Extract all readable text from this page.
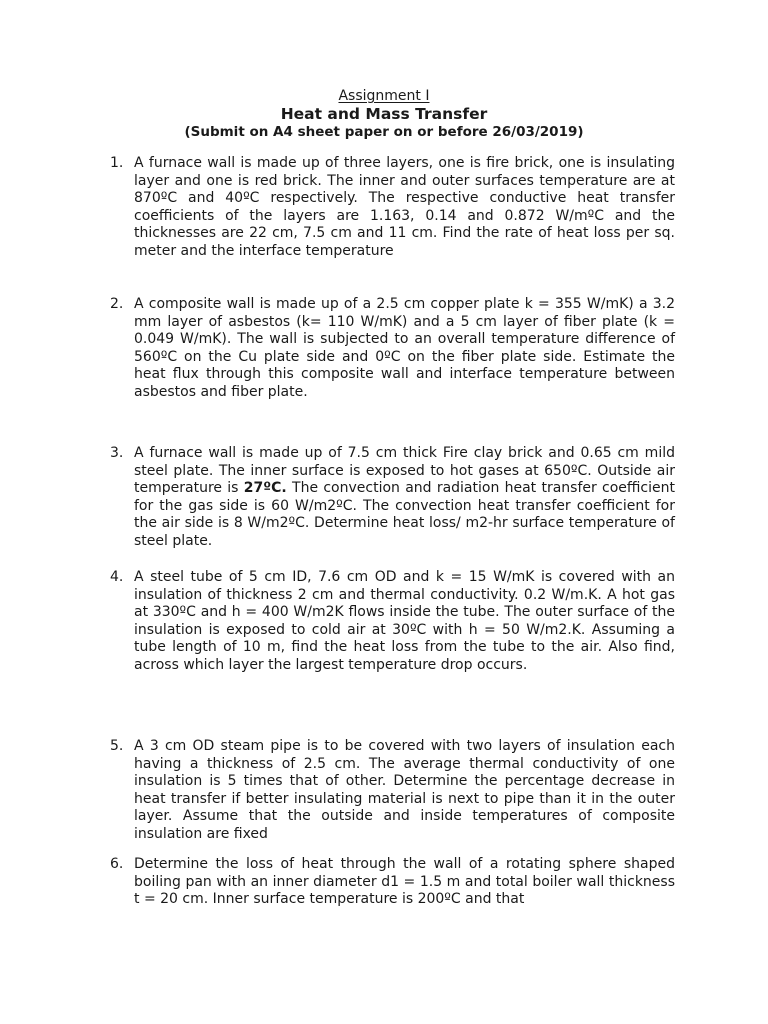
Assignment I
Heat and Mass Transfer
(Submit on A4 sheet paper on or before 26/03/2019)
1. A furnace wall is made up of three layers, one is fire brick, one is insulating layer and one is red brick. The inner and outer surfaces temperature are at 870ºC and 40ºC respectively. The respective conductive heat transfer coefficients of the layers are 1.163, 0.14 and 0.872 W/mºC and the thicknesses are 22 cm, 7.5 cm and 11 cm. Find the rate of heat loss per sq. meter and the interface temperature
2. A composite wall is made up of a 2.5 cm copper plate k = 355 W/mK) a 3.2 mm layer of asbestos (k= 110 W/mK) and a 5 cm layer of fiber plate (k = 0.049 W/mK). The wall is subjected to an overall temperature difference of 560ºC on the Cu plate side and 0ºC on the fiber plate side. Estimate the heat flux through this composite wall and interface temperature between asbestos and fiber plate.
3. A furnace wall is made up of 7.5 cm thick Fire clay brick and 0.65 cm mild steel plate. The inner surface is exposed to hot gases at 650ºC. Outside air temperature is 27ºC. The convection and radiation heat transfer coefficient for the gas side is 60 W/m2ºC. The convection heat transfer coefficient for the air side is 8 W/m2ºC. Determine heat loss/ m2-hr surface temperature of steel plate.
4. A steel tube of 5 cm ID, 7.6 cm OD and k = 15 W/mK is covered with an insulation of thickness 2 cm and thermal conductivity. 0.2 W/m.K. A hot gas at 330ºC and h = 400 W/m2K flows inside the tube. The outer surface of the insulation is exposed to cold air at 30ºC with h = 50 W/m2.K. Assuming a tube length of 10 m, find the heat loss from the tube to the air. Also find, across which layer the largest temperature drop occurs.
5. A 3 cm OD steam pipe is to be covered with two layers of insulation each having a thickness of 2.5 cm. The average thermal conductivity of one insulation is 5 times that of other. Determine the percentage decrease in heat transfer if better insulating material is next to pipe than it in the outer layer. Assume that the outside and inside temperatures of composite insulation are fixed
6. Determine the loss of heat through the wall of a rotating sphere shaped boiling pan with an inner diameter d1 = 1.5 m and total boiler wall thickness t = 20 cm. Inner surface temperature is 200ºC and that
